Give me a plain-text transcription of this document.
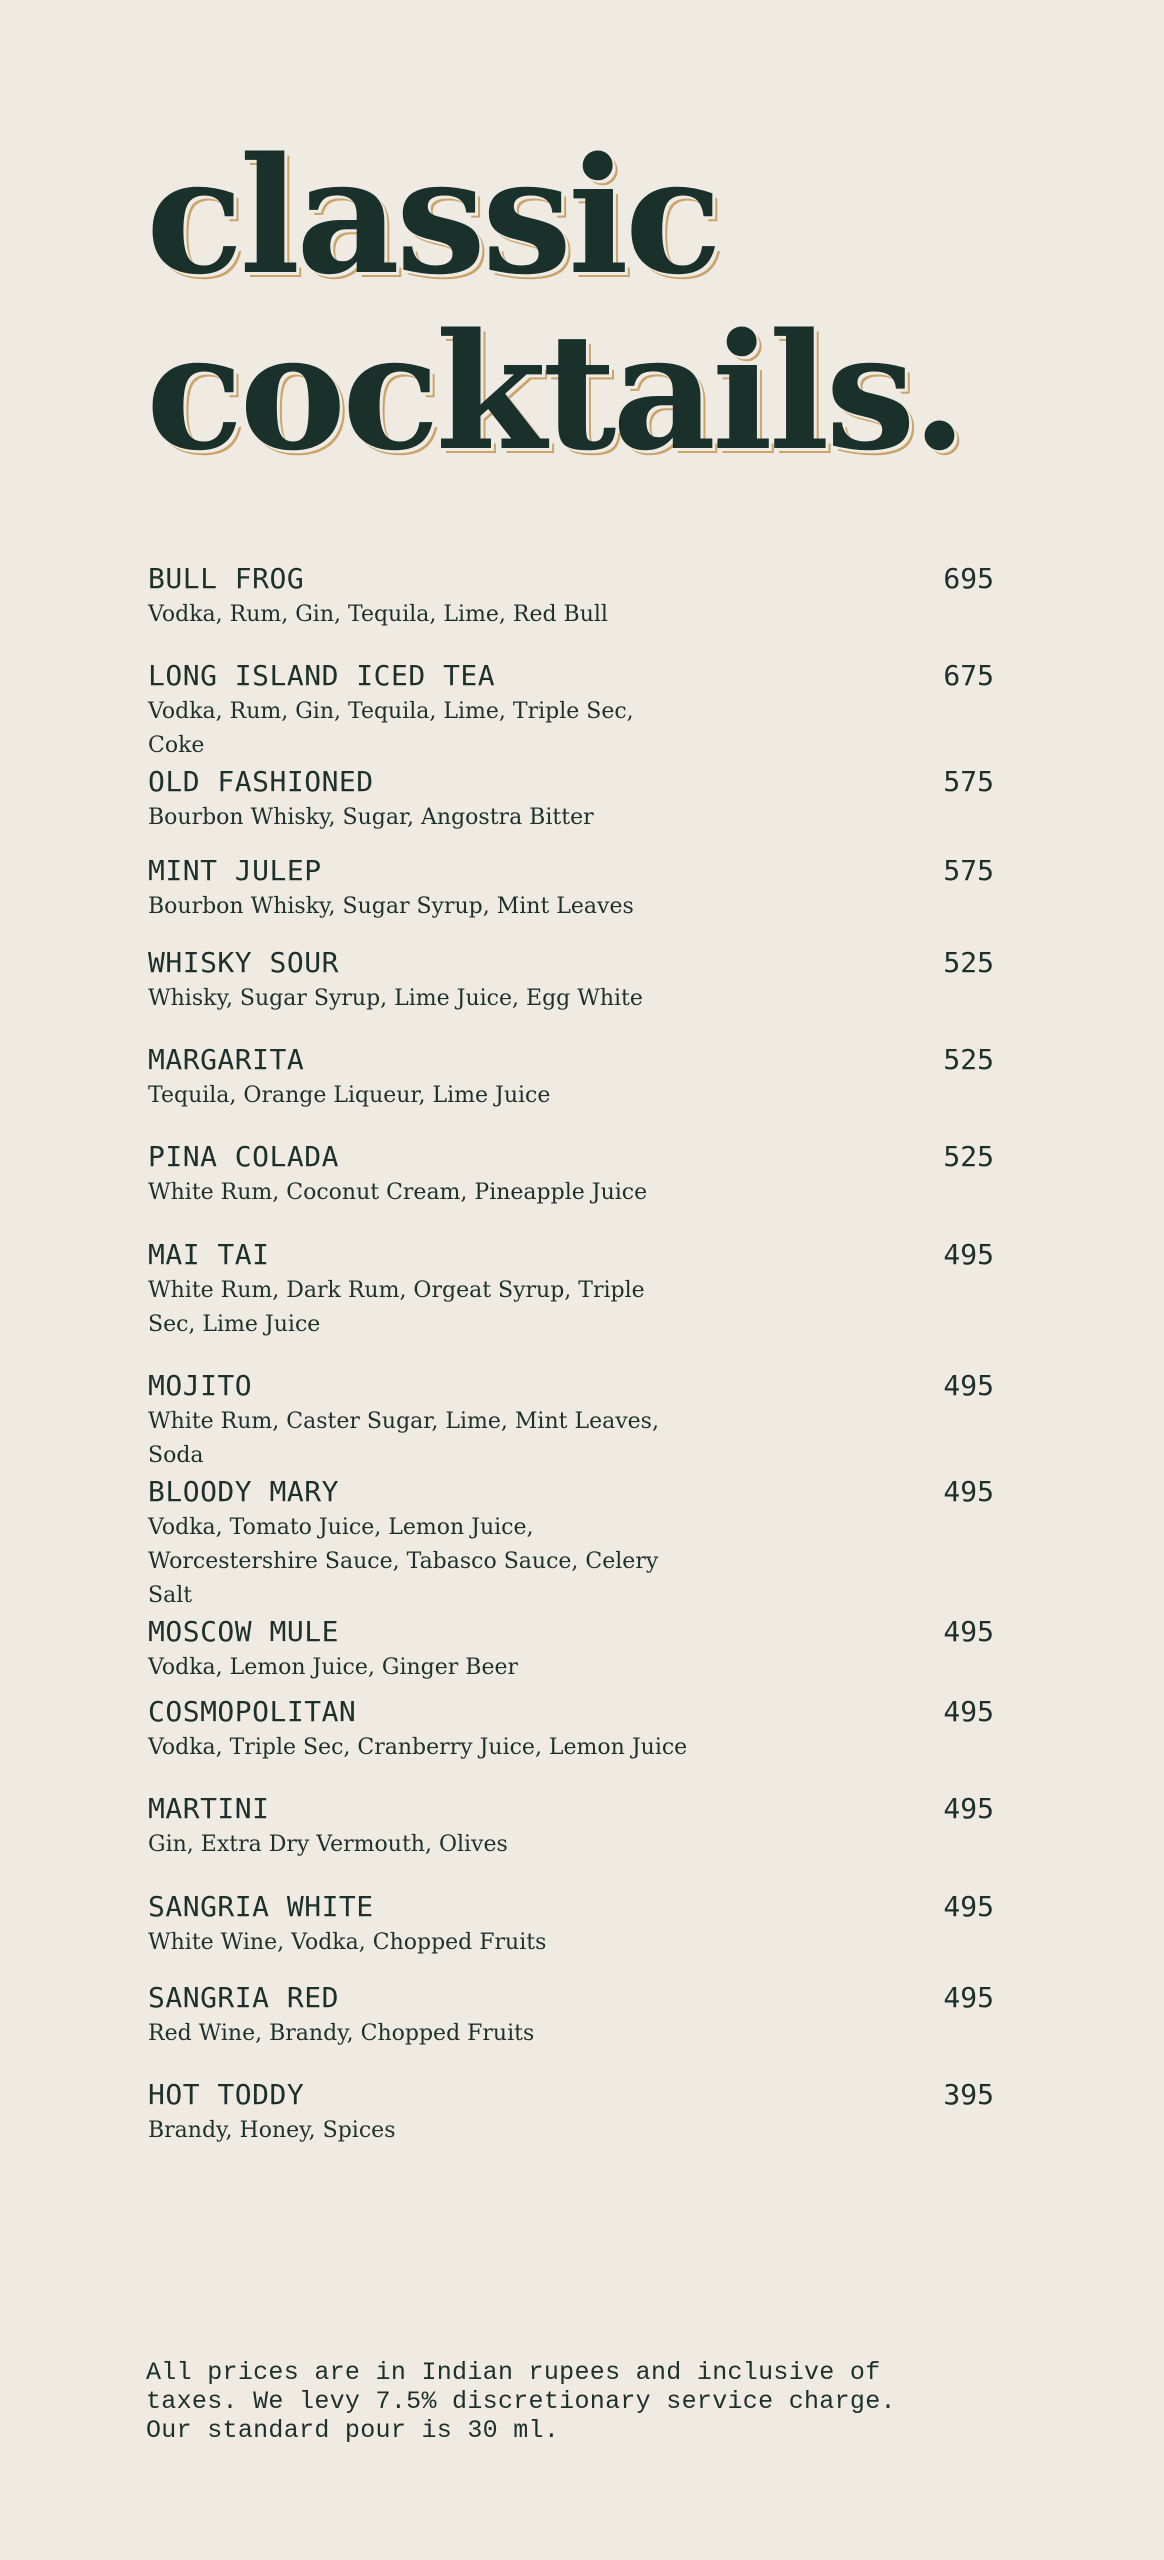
classic
cocktails.
BULL FROG
Vodka, Rum, Gin, Tequila, Lime, Red Bull
695
LONG ISLAND ICED TEA
Vodka, Rum, Gin, Tequila, Lime, Triple Sec, Coke
675
OLD FASHIONED
Bourbon Whisky, Sugar, Angostra Bitter
575
MINT JULEP
Bourbon Whisky, Sugar Syrup, Mint Leaves
575
WHISKY SOUR
Whisky, Sugar Syrup, Lime Juice, Egg White
525
MARGARITA
Tequila, Orange Liqueur, Lime Juice
525
PINA COLADA
White Rum, Coconut Cream, Pineapple Juice
525
MAI TAI
White Rum, Dark Rum, Orgeat Syrup, Triple Sec, Lime Juice
495
MOJITO
White Rum, Caster Sugar, Lime, Mint Leaves, Soda
495
BLOODY MARY
Vodka, Tomato Juice, Lemon Juice, Worcestershire Sauce, Tabasco Sauce, Celery Salt
495
MOSCOW MULE
Vodka, Lemon Juice, Ginger Beer
495
COSMOPOLITAN
Vodka, Triple Sec, Cranberry Juice, Lemon Juice
495
MARTINI
Gin, Extra Dry Vermouth, Olives
495
SANGRIA WHITE
White Wine, Vodka, Chopped Fruits
495
SANGRIA RED
Red Wine, Brandy, Chopped Fruits
495
HOT TODDY
Brandy, Honey, Spices
395

All prices are in Indian rupees and inclusive of
taxes. We levy 7.5% discretionary service charge.
Our standard pour is 30 ml.
